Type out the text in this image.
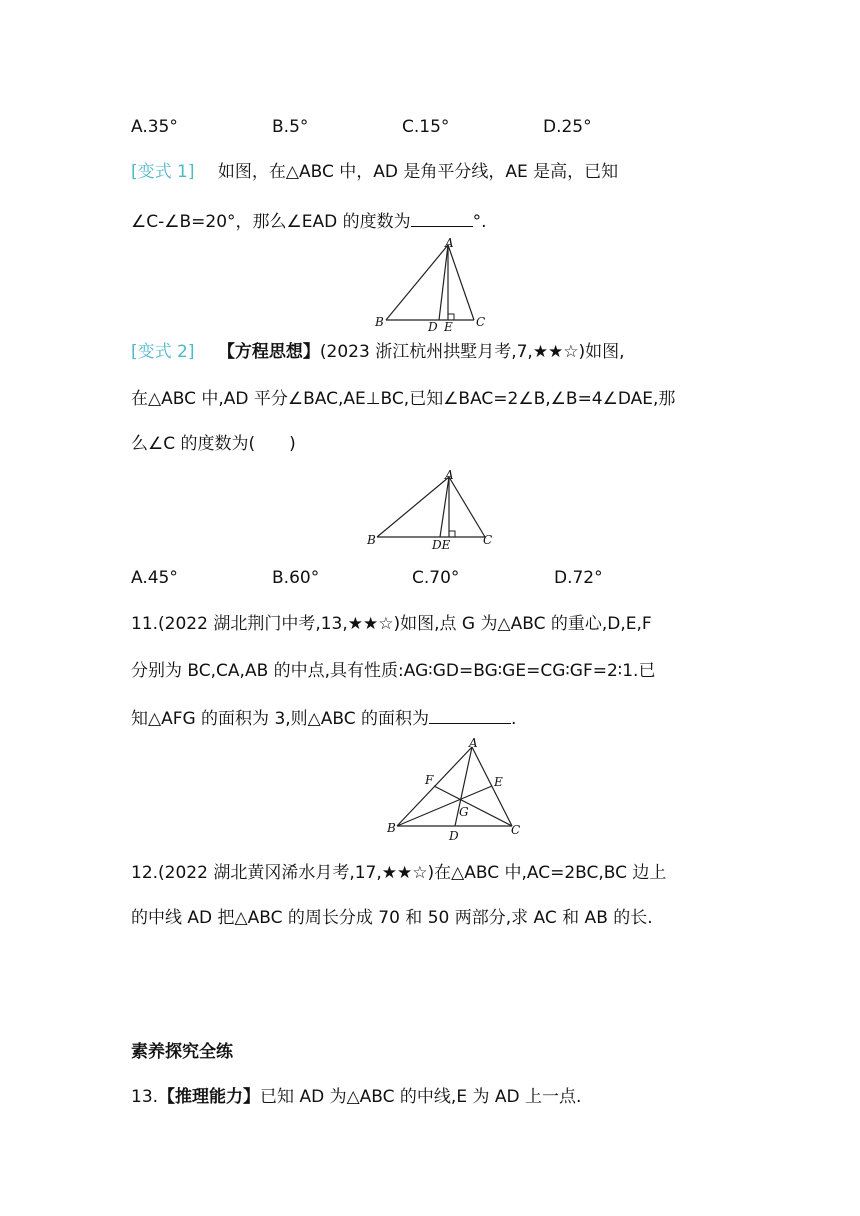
A.35°	B.5°	C.15°	D.25°
[变式 1] 如图，在△ABC 中，AD 是角平分线，AE 是高，已知
∠C-∠B=20°，那么∠EAD 的度数为	°.
A
B	C
D E
[变式 2] 【方程思想】(2023 浙江杭州拱墅月考,7,★★☆)如图,
在△ABC 中,AD 平分∠BAC,AE⊥BC,已知∠BAC=2∠B,∠B=4∠DAE,那
么∠C 的度数为(　　)
A
B	C
DE
A.45°	B.60°	C.70°	D.72°
11.(2022 湖北荆门中考,13,★★☆)如图,点 G 为△ABC 的重心,D,E,F
分别为 BC,CA,AB 的中点,具有性质:AG∶GD=BG∶GE=CG∶GF=2∶1.已
知△AFG 的面积为 3,则△ABC 的面积为	.
A
B	C
D
E
F
G
12.(2022 湖北黄冈浠水月考,17,★★☆)在△ABC 中,AC=2BC,BC 边上
的中线 AD 把△ABC 的周长分成 70 和 50 两部分,求 AC 和 AB 的长.
素养探究全练
13.【推理能力】已知 AD 为△ABC 的中线,E 为 AD 上一点.
